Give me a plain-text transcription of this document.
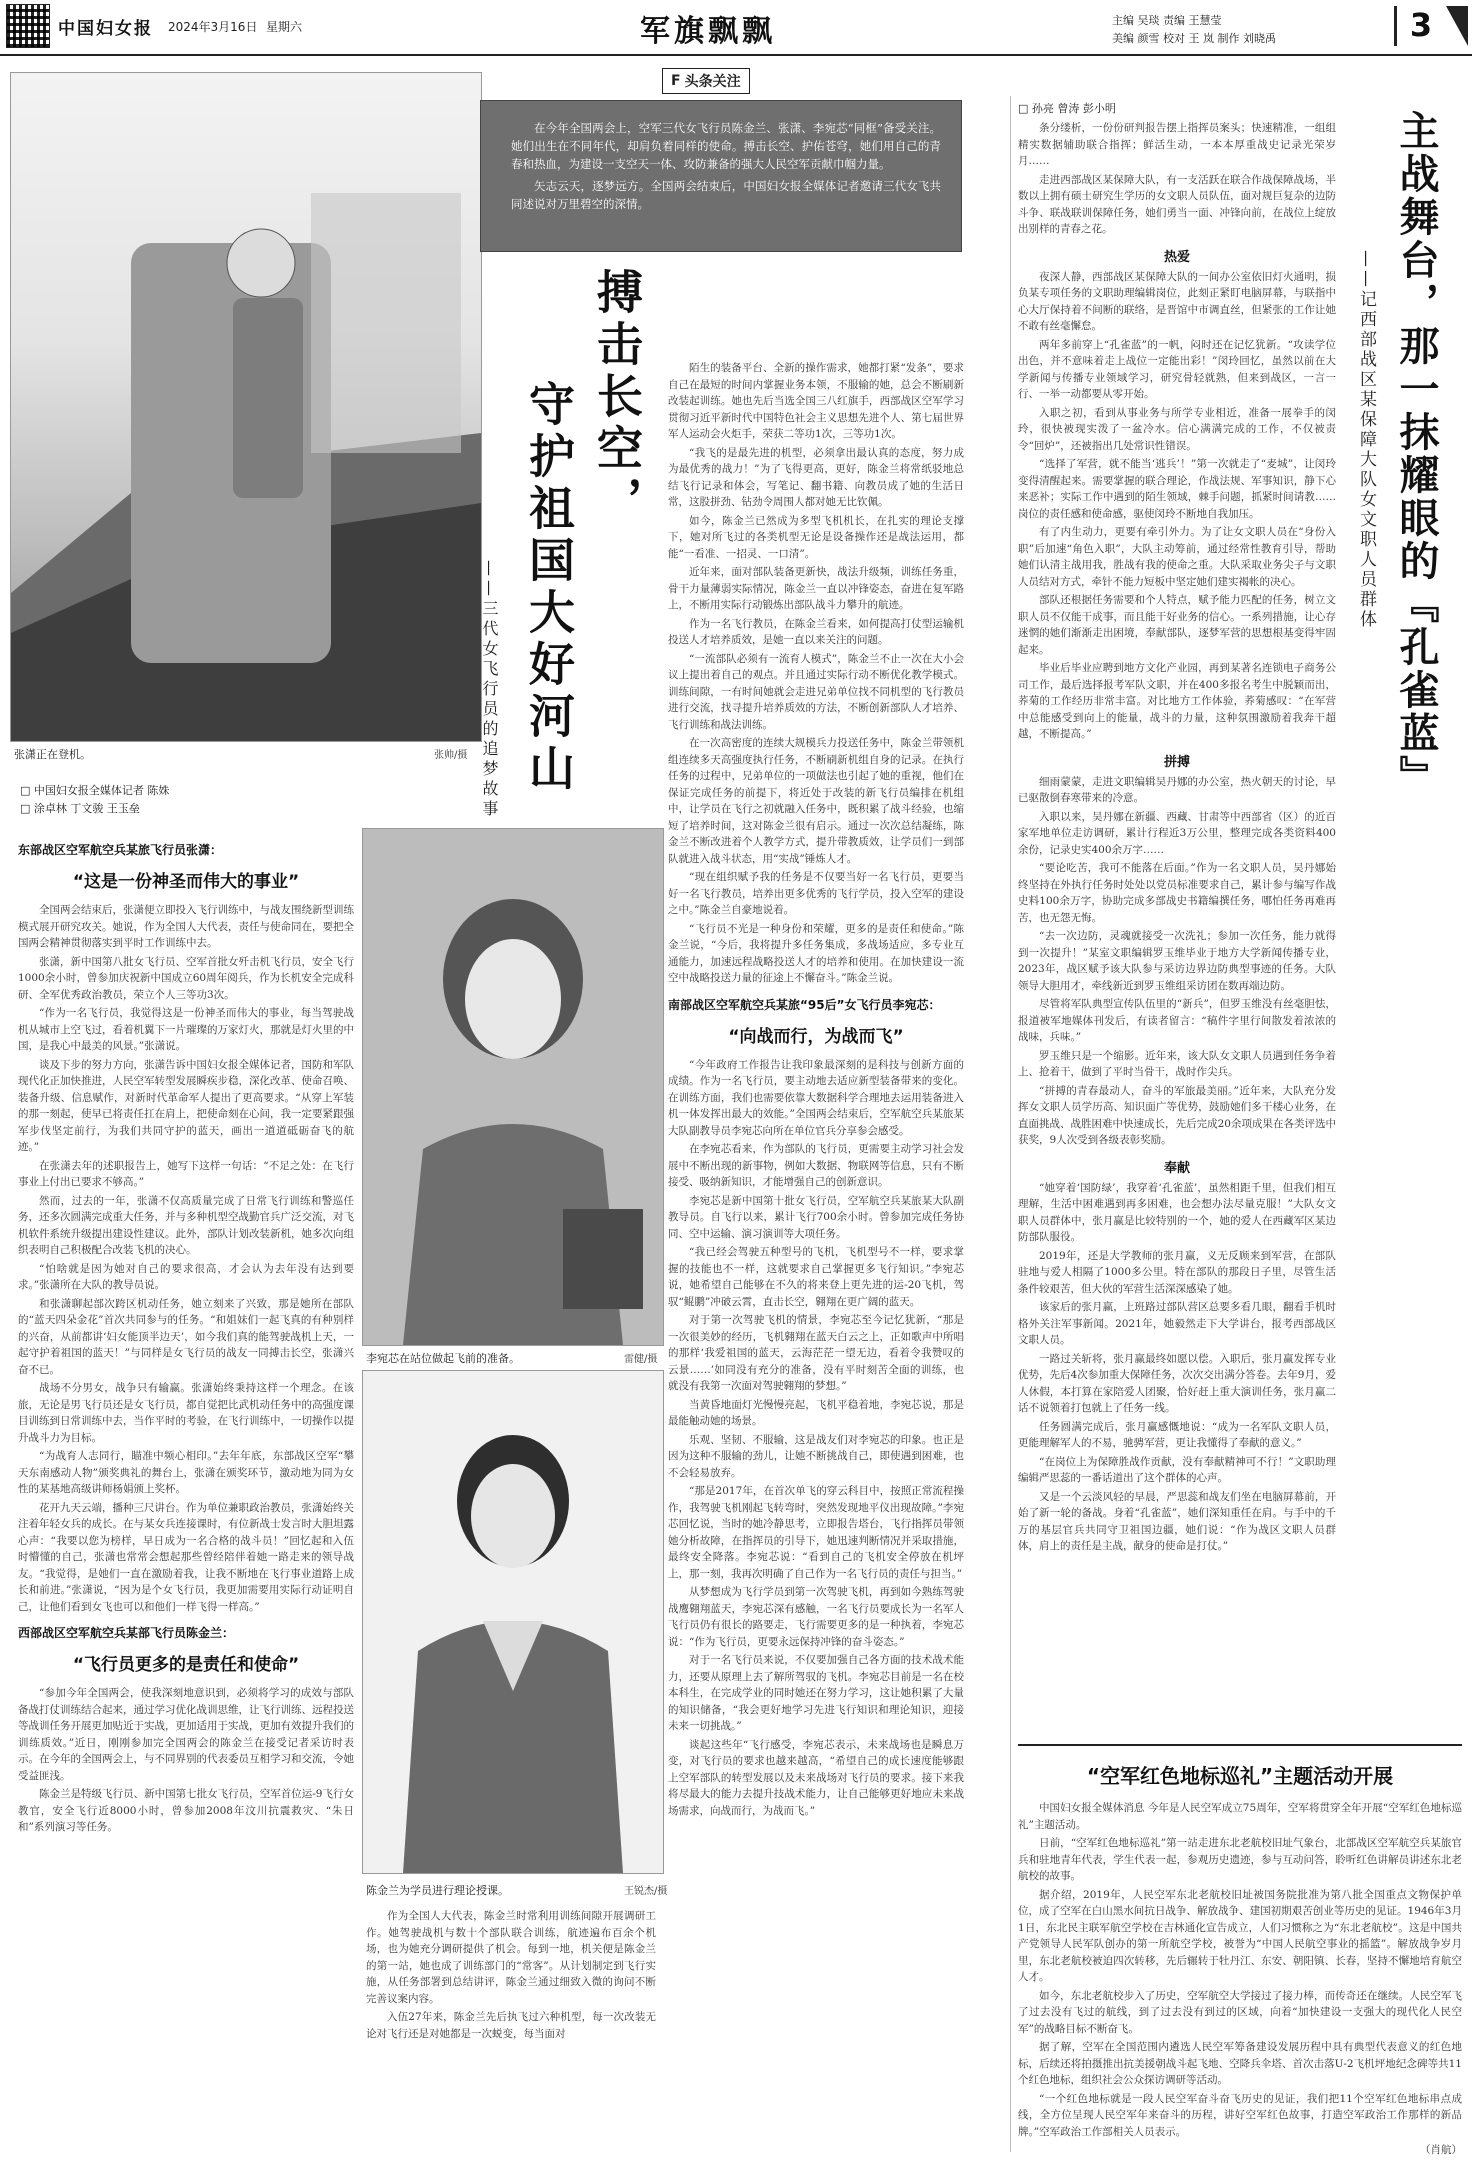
中国妇女报 2024年3月16日 星期六	军旗飘飘	主编 吴琰 责编 王慧莹
美编 颜雪 校对 王 岚 制作 刘晓禹	3
F 头条关注
张潇正在登机。	张帅/摄

在今年全国两会上，空军三代女飞行员陈金兰、张潇、李宛芯“同框”备受关注。她们出生在不同年代，却肩负着同样的使命。搏击长空、护佑苍穹，她们用自己的青春和热血，为建设一支空天一体、攻防兼备的强大人民空军贡献巾帼力量。

矢志云天，逐梦远方。全国两会结束后，中国妇女报全媒体记者邀请三代女飞共同述说对万里碧空的深情。

搏击长空，
守护祖国大好河山
——三代女飞行员的追梦故事
□ 中国妇女报全媒体记者 陈姝
□ 涂卓林 丁文骏 王玉垒
东部战区空军航空兵某旅飞行员张潇：
“这是一份神圣而伟大的事业”

全国两会结束后，张潇便立即投入飞行训练中，与战友围绕新型训练模式展开研究攻关。她说，作为全国人大代表，责任与使命同在，要把全国两会精神贯彻落实到平时工作训练中去。

张潇，新中国第八批女飞行员、空军首批女歼击机飞行员，安全飞行1000余小时，曾参加庆祝新中国成立60周年阅兵，作为长机安全完成科研、全军优秀政治教员，荣立个人三等功3次。

“作为一名飞行员，我觉得这是一份神圣而伟大的事业，每当驾驶战机从城市上空飞过，看着机翼下一片璀璨的万家灯火，那就是灯火里的中国，是我心中最美的风景。”张潇说。

谈及下步的努力方向，张潇告诉中国妇女报全媒体记者，国防和军队现代化正加快推进，人民空军转型发展瞬疾步稳，深化改革、使命召唤、装备升级、信息赋作，对新时代革命军人提出了更高要求。“从穿上军装的那一刻起，使早已将责任扛在肩上，把使命刻在心间，我一定要紧跟强军步伐坚定前行，为我们共同守护的蓝天，画出一道道砥砺奋飞的航迹。”

在张潇去年的述职报告上，她写下这样一句话：“不足之处：在飞行事业上付出已要求不够高。”

然而，过去的一年，张潇不仅高质量完成了日常飞行训练和警巡任务，还多次圆满完成重大任务，并与多种机型空战勤官兵广泛交流，对飞机软件系统升级提出建设性建议。此外，部队计划改装新机，她多次向组织表明自己积极配合改装飞机的决心。

“怕啥就是因为她对自己的要求很高，才会认为去年没有达到要求。”张潇所在大队的教导员说。

和张潇聊起部次跨区机动任务，她立刻来了兴致，那是她所在部队的“蓝天四朵金花”首次共同参与的任务。“和姐妹们一起飞真的有种别样的兴奋，从前都讲‘妇女能顶半边天’，如今我们真的能驾驶战机上天，一起守护着祖国的蓝天！”与同样是女飞行员的战友一同搏击长空，张潇兴奋不已。

战场不分男女，战争只有输赢。张潇始终秉持这样一个理念。在该旅，无论是男飞行员还是女飞行员，都自觉把比武机动任务中的高强度课目训练到日常训练中去，当作平时的考验，在飞行训练中，一切操作以提升战斗力为目标。

“为战育人志同行，瞄准中频心相印。”去年年底，东部战区空军“攀天东南感动人物”颁奖典礼的舞台上，张潇在颁奖环节，激动地为同为女性的某基地高级讲师杨娟颁上奖杯。

花开九天云端，播种三尺讲台。作为单位兼职政治教员，张潇始终关注着年轻女兵的成长。在与某女兵连接课时，有位新战士发言时大胆坦露心声：“我要以您为榜样，早日成为一名合格的战斗员！”回忆起和入伍时懵懂的自己，张潇也常常会想起那些曾经陪伴着她一路走来的领导战友。“我觉得，是她们一直在激励着我，让我不断地在飞行事业道路上成长和前进。”张潇说，“因为是个女飞行员，我更加需要用实际行动证明自己，让他们看到女飞也可以和他们一样飞得一样高。”

西部战区空军航空兵某部飞行员陈金兰：
“飞行员更多的是责任和使命”

“参加今年全国两会，使我深刻地意识到，必须将学习的成效与部队备战打仗训练结合起来，通过学习优化战训思维，让飞行训练、远程投送等战训任务开展更加贴近于实战，更加适用于实战，更加有效提升我们的训练质效。”近日，刚刚参加完全国两会的陈金兰在接受记者采访时表示。在今年的全国两会上，与不同界别的代表委员互相学习和交流，令她受益匪浅。

陈金兰是特级飞行员、新中国第七批女飞行员，空军首位运-9飞行女教官，安全飞行近8000小时，曾参加2008年汶川抗震救灾、“朱日和”系列演习等任务。

李宛芯在站位做起飞前的准备。	雷健/摄
陈金兰为学员进行理论授课。	王锐杰/摄

作为全国人大代表，陈金兰时常利用训练间隙开展调研工作。她驾驶战机与数十个部队联合训练，航迹遍布百余个机场，也为她充分调研提供了机会。每到一地，机关便是陈金兰的第一站，她也成了训练部门的“常客”。从计划制定到飞行实施，从任务部署到总结讲评，陈金兰通过细致入微的询问不断完善议案内容。

入伍27年来，陈金兰先后执飞过六种机型，每一次改装无论对飞行还是对她都是一次蜕变，每当面对

陌生的装备平台、全新的操作需求，她都打紧“发条”，要求自己在最短的时间内掌握业务本领，不服输的她，总会不断刷新改装起训练。她也先后当选全国三八红旗手，西部战区空军学习贯彻习近平新时代中国特色社会主义思想先进个人、第七届世界军人运动会火炬手，荣获二等功1次，三等功1次。

“我飞的是最先进的机型，必须拿出最认真的态度，努力成为最优秀的战力！”为了飞得更高，更好，陈金兰将常纸驳地总结飞行记录和体会，写笔记、翻书籍、向教员成了她的生活日常，这股拼劲、钻劲令周围人都对她无比钦佩。

如今，陈金兰已然成为多型飞机机长，在扎实的理论支撑下，她对所飞过的各类机型无论是设备操作还是战法运用，都能“一看准、一招灵、一口清”。

近年来，面对部队装备更新快，战法升级频，训练任务重，骨干力量薄弱实际情况，陈金兰一直以冲锋姿态，奋进在复军路上，不断用实际行动锻炼出部队战斗力攀升的航迹。

作为一名飞行教员，在陈金兰看来，如何提高打仗型运输机投送人才培养质效，是她一直以来关注的问题。

“一流部队必须有一流育人模式”，陈金兰不止一次在大小会议上提出着自己的观点。并且通过实际行动不断优化教学模式。训练间隙，一有时间她就会走进兄弟单位找不同机型的飞行教员进行交流，找寻提升培养质效的方法，不断创新部队人才培养、飞行训练和战法训练。

在一次高密度的连续大规模兵力投送任务中，陈金兰带领机组连续多天高强度执行任务，不断刷新机组自身的记录。在执行任务的过程中，兄弟单位的一项做法也引起了她的重视，他们在保证完成任务的前提下，将近处于改装的新飞行员编排在机组中，让学员在飞行之初就融入任务中，既积累了战斗经验，也缩短了培养时间，这对陈金兰很有启示。通过一次次总结凝练，陈金兰不断改进着个人教学方式，提升带教质效，让学员们一到部队就进入战斗状态，用“实战”锤炼人才。

“现在组织赋予我的任务是不仅要当好一名飞行员，更要当好一名飞行教员，培养出更多优秀的飞行学员，投入空军的建设之中。”陈金兰自豪地说着。

“飞行员不光是一种身份和荣耀，更多的是责任和使命。”陈金兰说，“今后，我将提升多任务集成，多战场适应，多专业互通能力，加速远程战略投送人才的培养和使用。在加快建设一流空中战略投送力量的征途上不懈奋斗。”陈金兰说。

南部战区空军航空兵某旅“95后”女飞行员李宛芯：
“向战而行，为战而飞”

“今年政府工作报告让我印象最深刻的是科技与创新方面的成绩。作为一名飞行员，要主动地去适应新型装备带来的变化。在训练方面，我们也需要依靠大数据科学合理地去运用装备进入机一体发挥出最大的效能。”全国两会结束后，空军航空兵某旅某大队副教导员李宛芯向所在单位官兵分享参会感受。

在李宛芯看来，作为部队的飞行员，更需要主动学习社会发展中不断出现的新事物，例如大数据、物联网等信息，只有不断接受、吸纳新知识，才能增强自己的创新意识。

李宛芯是新中国第十批女飞行员，空军航空兵某旅某大队副教导员。自飞行以来，累计飞行700余小时。曾参加完成任务协同、空中运输、演习演训等大项任务。

“我已经会驾驶五种型号的飞机，飞机型号不一样，要求掌握的技能也不一样，这就要求自己掌握更多飞行知识。”李宛芯说，她希望自己能够在不久的将来登上更先进的运-20飞机，驾驭“鲲鹏”冲破云霄，直击长空，翱翔在更广阔的蓝天。

对于第一次驾驶飞机的情景，李宛芯至今记忆犹新，“那是一次很美妙的经历，飞机翱翔在蓝天白云之上，正如歌声中所唱的那样‘我爱祖国的蓝天，云海茫茫一望无边，看着令我赞叹的云景……’如同没有充分的准备，没有平时刻苦全面的训练，也就没有我第一次面对驾驶翱翔的梦想。”

当黄昏地面灯光慢慢亮起，飞机平稳着地，李宛芯说，那是最能触动她的场景。

乐观、坚韧、不服输，这是战友们对李宛芯的印象。也正是因为这种不服输的劲儿，让她不断挑战自己，即使遇到困难，也不会轻易放弃。

“那是2017年，在首次单飞的穿云科目中，按照正常流程操作，我驾驶飞机刚起飞转弯时，突然发现地平仪出现故障。”李宛芯回忆说，当时的她冷静思考，立即报告塔台，飞行指挥员带领她分析故障，在指挥员的引导下，她迅速判断情况并采取措施，最终安全降落。李宛芯说：“看到自己的飞机安全停放在机坪上，那一刻，我再次明确了自己作为一名飞行员的责任与担当。”

从梦想成为飞行学员到第一次驾驶飞机，再到如今熟练驾驶战鹰翱翔蓝天，李宛芯深有感触，一名飞行员要成长为一名军人飞行员仍有很长的路要走，飞行需要更多的是一种执着，李宛芯说：“作为飞行员，更要永远保持冲锋的奋斗姿态。”

对于一名飞行员来说，不仅要加强自己各方面的技术战术能力，还要从原理上去了解所驾驭的飞机。李宛芯目前是一名在校本科生，在完成学业的同时她还在努力学习，这让她积累了大量的知识储备，“我会更好地学习先进飞行知识和理论知识，迎接未来一切挑战。”

谈起这些年“飞行感受，李宛芯表示，未来战场也是瞬息万变，对飞行员的要求也越来越高，“希望自己的成长速度能够跟上空军部队的转型发展以及未来战场对飞行员的要求。接下来我将尽最大的能力去提升技战术能力，让自己能够更好地应未来战场需求，向战而行，为战而飞。”

□ 孙亮 曾涛 彭小明
主战舞台，那一抹耀眼的『孔雀蓝』
——记西部战区某保障大队女文职人员群体

条分缕析，一份份研判报告摆上指挥员案头；快速精准，一组组精实数据辅助联合指挥；鲜活生动，一本本厚重战史记录光荣岁月……

走进西部战区某保障大队，有一支活跃在联合作战保障战场，半数以上拥有硕士研究生学历的女文职人员队伍，面对规巨复杂的边防斗争、联战联训保障任务，她们勇当一面、冲锋向前，在战位上绽放出别样的青春之花。

热爱

夜深人静，西部战区某保障大队的一间办公室依旧灯火通明，损负某专项任务的文职助理编辑岗位，此刻正紧盯电脑屏幕，与联指中心大厅保持着不间断的联络，是晋馆中市调直丝，但紧张的工作让她不敢有丝毫懈怠。

两年多前穿上“孔雀蓝”的一帆，闷时还在记忆犹新。“攻读学位出色，并不意味着走上战位一定能出彩！”闵玲回忆，虽然以前在大学新闻与传播专业领域学习，研究骨轻就熟，但来到战区，一言一行、一举一动都要从零开始。

入职之初，看到从事业务与所学专业相近，准备一展拳手的闵玲，很快被现实泼了一盆冷水。信心满满完成的工作，不仅被责令“回炉”，还被指出几处常识性错误。

“选择了军营，就不能当‘逃兵’！”第一次就走了“麦城”，让闵玲变得清醒起来。需要掌握的联合理论，作战法规、军事知识，静下心来恶补；实际工作中遇到的陌生领域，棘手问题，抓紧时间请教……岗位的责任感和使命感，驱使闵玲不断地自我加压。

有了内生动力，更要有牵引外力。为了让女文职人员在“身份入职”后加速“角色入职”，大队主动筹前，通过经常性教育引导，帮助她们认清主战用我，胜战有我的使命之重。大队采取业务尖子与文职人员结对方式，牵针不能力短板中坚定她们建实褐帐的决心。

部队还根据任务需要和个人特点，赋予能力匹配的任务，树立文职人员不仅能干成事，而且能干好业务的信心。一系列措施，让心存迷惘的她们渐渐走出困境，奉献部队，逐梦军营的思想根基变得牢固起来。

毕业后毕业应聘到地方文化产业园，再到某著名连锁电子商务公司工作，最后选择报考军队文职，并在400多报名考生中脱颖而出，荞菊的工作经历非常丰富。对比地方工作体验，荞菊感叹：“在军营中总能感受到向上的能量，战斗的力量，这种氛围激励着我奔干超越，不断提高。”

拼搏

细雨蒙蒙，走进文职编辑吴丹娜的办公室，热火朝天的讨论，早已驱散倒春寒带来的冷意。

入职以来，吴丹娜在新疆、西藏、甘肃等中西部省（区）的近百家军地单位走访调研，累计行程近3万公里，整理完成各类资料400余份，记录史实400余万字……

“要论吃苦，我可不能落在后面。”作为一名文职人员，吴丹娜始终坚持在外执行任务时处处以党员标准要求自己，累计参与编写作战史料100余万字，协助完成多部战史书籍编撰任务，哪怕任务再难再苦，也无怨无悔。

“去一次边防，灵魂就接受一次洗礼；参加一次任务，能力就得到一次提升！”某室文职编辑罗玉维毕业于地方大学新闻传播专业，2023年，战区赋予该大队参与采访边界边防典型事迹的任务。大队领导大胆用才，牵线新近到罗玉维组采访团在数再端边防。

尽管将军队典型宣传队伍里的“新兵”，但罗玉维没有丝毫胆怯，报道被军地媒体刊发后，有读者留言：“稿件字里行间散发着浓浓的战味，兵味。”

罗玉维只是一个缩影。近年来，该大队女文职人员遇到任务争着上、抢着干，做到了平时当骨干，战时作尖兵。

“拼搏的青春最动人，奋斗的军旅最美丽。”近年来，大队充分发挥女文职人员学历高、知识面广等优势，鼓励她们多干楼心业务，在直面挑战、战胜困难中快速成长，先后完成20余项成果在各类评选中获奖，9人次受到各级表彰奖励。

奉献

“她穿着‘国防绿’，我穿着‘孔雀蓝’，虽然相距千里，但我们相互理解，生活中困难遇到再多困难，也会想办法尽量克服！”大队女文职人员群体中，张月赢是比较特别的一个，她的爱人在西藏军区某边防部队服役。

2019年，还是大学教师的张月赢，义无反顾来到军营，在部队驻地与爱人相隔了1000多公里。特在部队的那段日子里，尽管生活条件较艰苦，但大伙的军营生活深深感染了她。

该家后的张月赢，上班路过部队营区总要多看几眼，翻看手机时格外关注军事新闻。2021年，她毅然走下大学讲台，报考西部战区文职人员。

一路过关斩将，张月赢最终如愿以偿。入职后，张月赢发挥专业优势，先后4次参加重大保障任务，次次交出满分答卷。去年9月，爱人休假，本打算在家陪爱人团聚，恰好赶上重大演训任务，张月赢二话不说领着打包就上了任务一线。

任务圆满完成后，张月赢感慨地说：“成为一名军队文职人员，更能理解军人的不易，驰骋军营，更让我懂得了奉献的意义。”

“在岗位上为保障胜战作贡献，没有奉献精神可不行！”文职助理编辑严思蕊的一番话道出了这个群体的心声。

又是一个云淡风轻的早晨，严思蕊和战友们坐在电脑屏幕前，开始了新一轮的备战。身着“孔雀蓝”，她们深知重任在肩。与手中的千万的基层官兵共同守卫祖国边疆，她们说：“作为战区文职人员群体，肩上的责任是主战，献身的使命是打仗。”

“空军红色地标巡礼”主题活动开展

中国妇女报全媒体消息 今年是人民空军成立75周年，空军将贯穿全年开展“空军红色地标巡礼”主题活动。

日前，“空军红色地标巡礼”第一站走进东北老航校旧址气象台，北部战区空军航空兵某旅官兵和驻地青年代表，学生代表一起，参观历史遗迹，参与互动问答，聆听红色讲解员讲述东北老航校的故事。

据介绍，2019年，人民空军东北老航校旧址被国务院批准为第八批全国重点文物保护单位，成了空军在白山黑水间抗日战争、解放战争、建国初期艰苦创业等历史的见证。1946年3月1日，东北民主联军航空学校在吉林通化宣告成立，人们习惯称之为“东北老航校”。这是中国共产党领导人民军队创办的第一所航空学校，被誉为“中国人民航空事业的摇篮”。解放战争岁月里，东北老航校被迫四次转移，先后辗转于牡丹江、东安、朝阳镇、长春，坚持不懈地培育航空人才。

如今，东北老航校步入了历史，空军航空大学接过了接力棒，而传奇还在继续。人民空军飞了过去没有飞过的航线，到了过去没有到过的区域，向着“加快建设一支强大的现代化人民空军”的战略目标不断奋飞。

据了解，空军在全国范围内遴选人民空军筹备建设发展历程中具有典型代表意义的红色地标，后续还将拍摄推出抗美援朝战斗起飞地、空降兵伞塔、首次击落U-2飞机坪地纪念碑等共11个红色地标，组织社会公众探访调研等活动。

“一个红色地标就是一段人民空军奋斗奋飞历史的见证，我们把11个空军红色地标串点成线，全方位呈现人民空军年来奋斗的历程，讲好空军红色故事，打造空军政治工作那样的新品牌。”空军政治工作部相关人员表示。

（肖航）
